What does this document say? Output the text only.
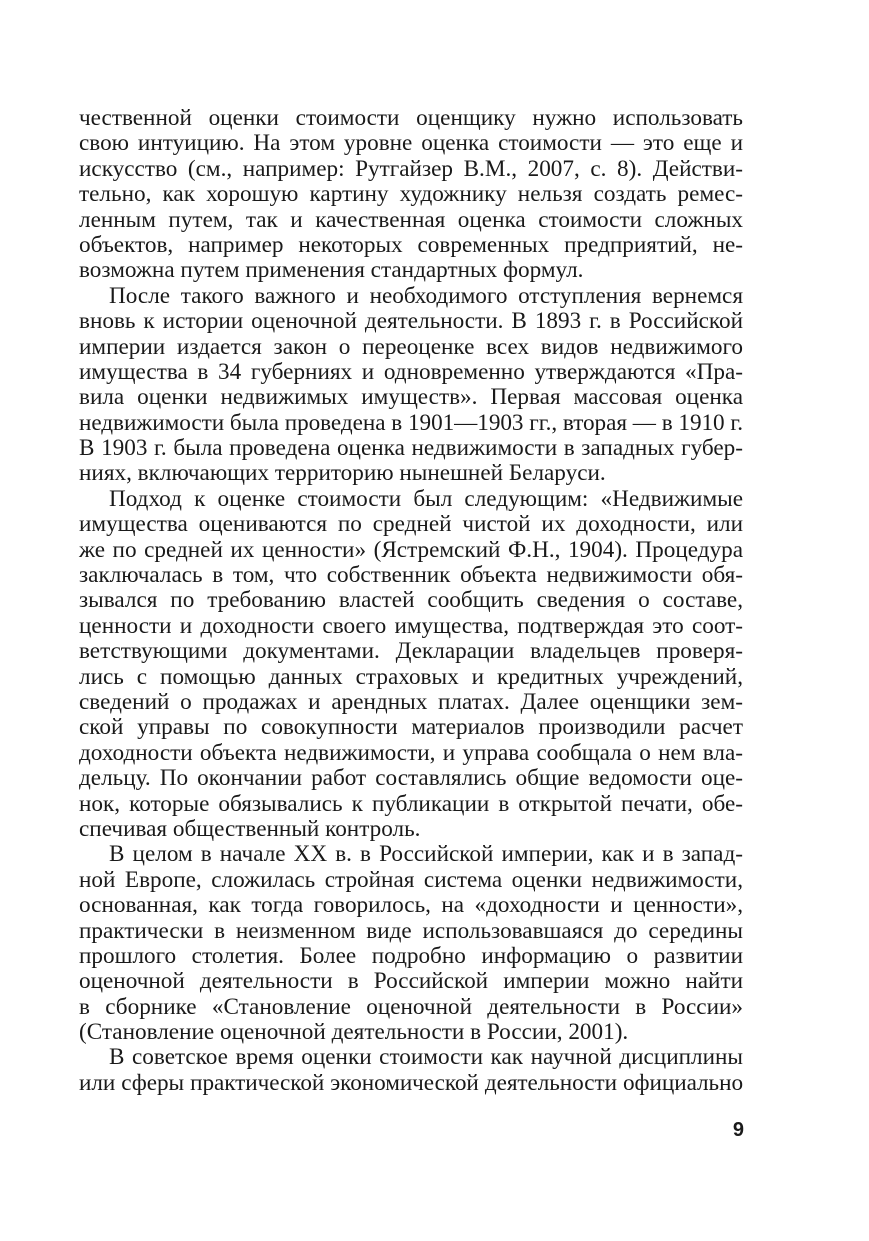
чественной оценки стоимости оценщику нужно использовать
свою интуицию. На этом уровне оценка стоимости — это еще и
искусство (см., например: Рутгайзер В.М., 2007, с. 8). Действи-
тельно, как хорошую картину художнику нельзя создать ремес-
ленным путем, так и качественная оценка стоимости сложных
объектов, например некоторых современных предприятий, не-
возможна путем применения стандартных формул.
После такого важного и необходимого отступления вернемся
вновь к истории оценочной деятельности. В 1893 г. в Российской
империи издается закон о переоценке всех видов недвижимого
имущества в 34 губерниях и одновременно утверждаются «Пра-
вила оценки недвижимых имуществ». Первая массовая оценка
недвижимости была проведена в 1901—1903 гг., вторая — в 1910 г.
В 1903 г. была проведена оценка недвижимости в западных губер-
ниях, включающих территорию нынешней Беларуси.
Подход к оценке стоимости был следующим: «Недвижимые
имущества оцениваются по средней чистой их доходности, или
же по средней их ценности» (Ястремский Ф.Н., 1904). Процедура
заключалась в том, что собственник объекта недвижимости обя-
зывался по требованию властей сообщить сведения о составе,
ценности и доходности своего имущества, подтверждая это соот-
ветствующими документами. Декларации владельцев проверя-
лись с помощью данных страховых и кредитных учреждений,
сведений о продажах и арендных платах. Далее оценщики зем-
ской управы по совокупности материалов производили расчет
доходности объекта недвижимости, и управа сообщала о нем вла-
дельцу. По окончании работ составлялись общие ведомости оце-
нок, которые обязывались к публикации в открытой печати, обе-
спечивая общественный контроль.
В целом в начале XX в. в Российской империи, как и в запад-
ной Европе, сложилась стройная система оценки недвижимости,
основанная, как тогда говорилось, на «доходности и ценности»,
практически в неизменном виде использовавшаяся до середины
прошлого столетия. Более подробно информацию о развитии
оценочной деятельности в Российской империи можно найти
в сборнике «Становление оценочной деятельности в России»
(Становление оценочной деятельности в России, 2001).
В советское время оценки стоимости как научной дисциплины
или сферы практической экономической деятельности официально
9
